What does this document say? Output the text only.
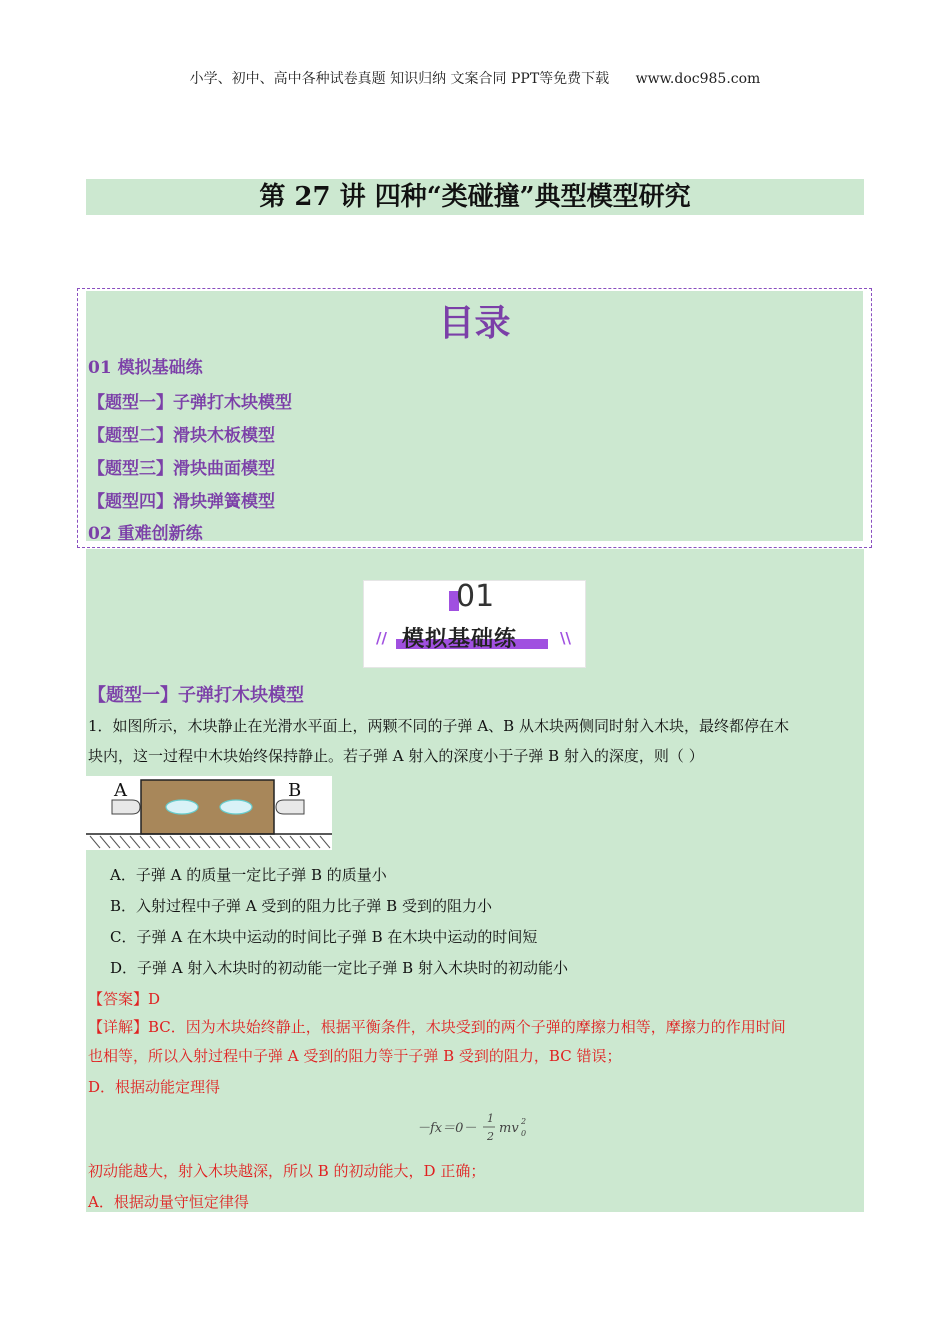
小学、初中、高中各种试卷真题 知识归纳 文案合同 PPT等免费下载 www.doc985.com
第 27 讲 四种“类碰撞”典型模型研究
目录
01 模拟基础练
【题型一】子弹打木块模型
【题型二】滑块木板模型
【题型三】滑块曲面模型
【题型四】滑块弹簧模型
02 重难创新练
01
// 模拟基础练	\\
【题型一】子弹打木块模型
1．如图所示，木块静止在光滑水平面上，两颗不同的子弹 A、B 从木块两侧同时射入木块，最终都停在木
块内，这一过程中木块始终保持静止。若子弹 A 射入的深度小于子弹 B 射入的深度，则（ ）
A	B
A．子弹 A 的质量一定比子弹 B 的质量小
B．入射过程中子弹 A 受到的阻力比子弹 B 受到的阻力小
C．子弹 A 在木块中运动的时间比子弹 B 在木块中运动的时间短
D．子弹 A 射入木块时的初动能一定比子弹 B 射入木块时的初动能小
【答案】D
【详解】BC．因为木块始终静止，根据平衡条件，木块受到的两个子弹的摩擦力相等，摩擦力的作用时间
也相等，所以入射过程中子弹 A 受到的阻力等于子弹 B 受到的阻力，BC 错误；
D．根据动能定理得
－fx＝0－
1
2
mv 2
0
初动能越大，射入木块越深，所以 B 的初动能大，D 正确；
A．根据动量守恒定律得
